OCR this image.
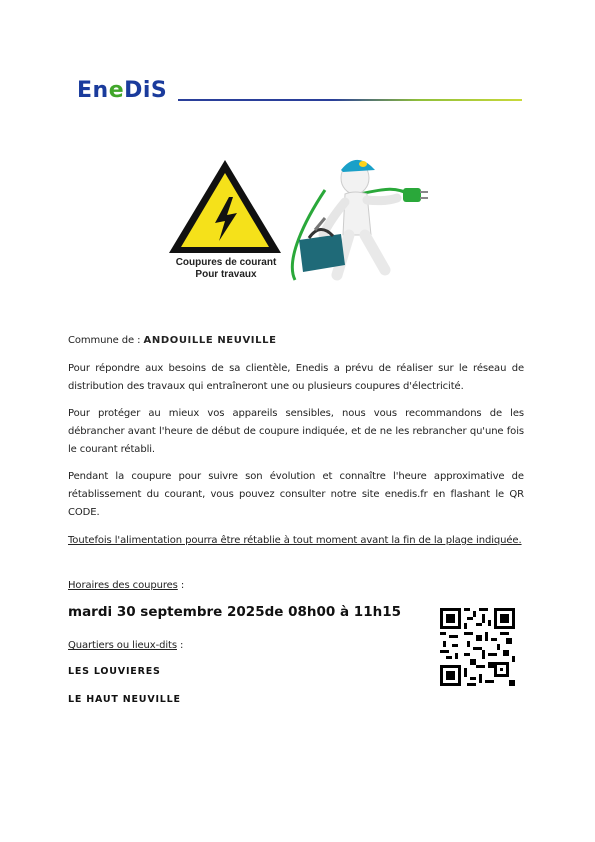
EneDiS
Coupures de courant
Pour travaux
Commune de : ANDOUILLE NEUVILLE
Pour répondre aux besoins de sa clientèle, Enedis a prévu de réaliser sur le réseau de distribution des travaux qui entraîneront une ou plusieurs coupures d'électricité.
Pour protéger au mieux vos appareils sensibles, nous vous recommandons de les débrancher avant l'heure de début de coupure indiquée, et de ne les rebrancher qu'une fois le courant rétabli.
Pendant la coupure pour suivre son évolution et connaître l'heure approximative de rétablissement du courant, vous pouvez consulter notre site enedis.fr en flashant le QR CODE.
Toutefois l'alimentation pourra être rétablie à tout moment avant la fin de la plage indiquée.
Horaires des coupures :
mardi 30 septembre 2025de 08h00 à 11h15
Quartiers ou lieux-dits :
LES LOUVIERES
LE HAUT NEUVILLE
